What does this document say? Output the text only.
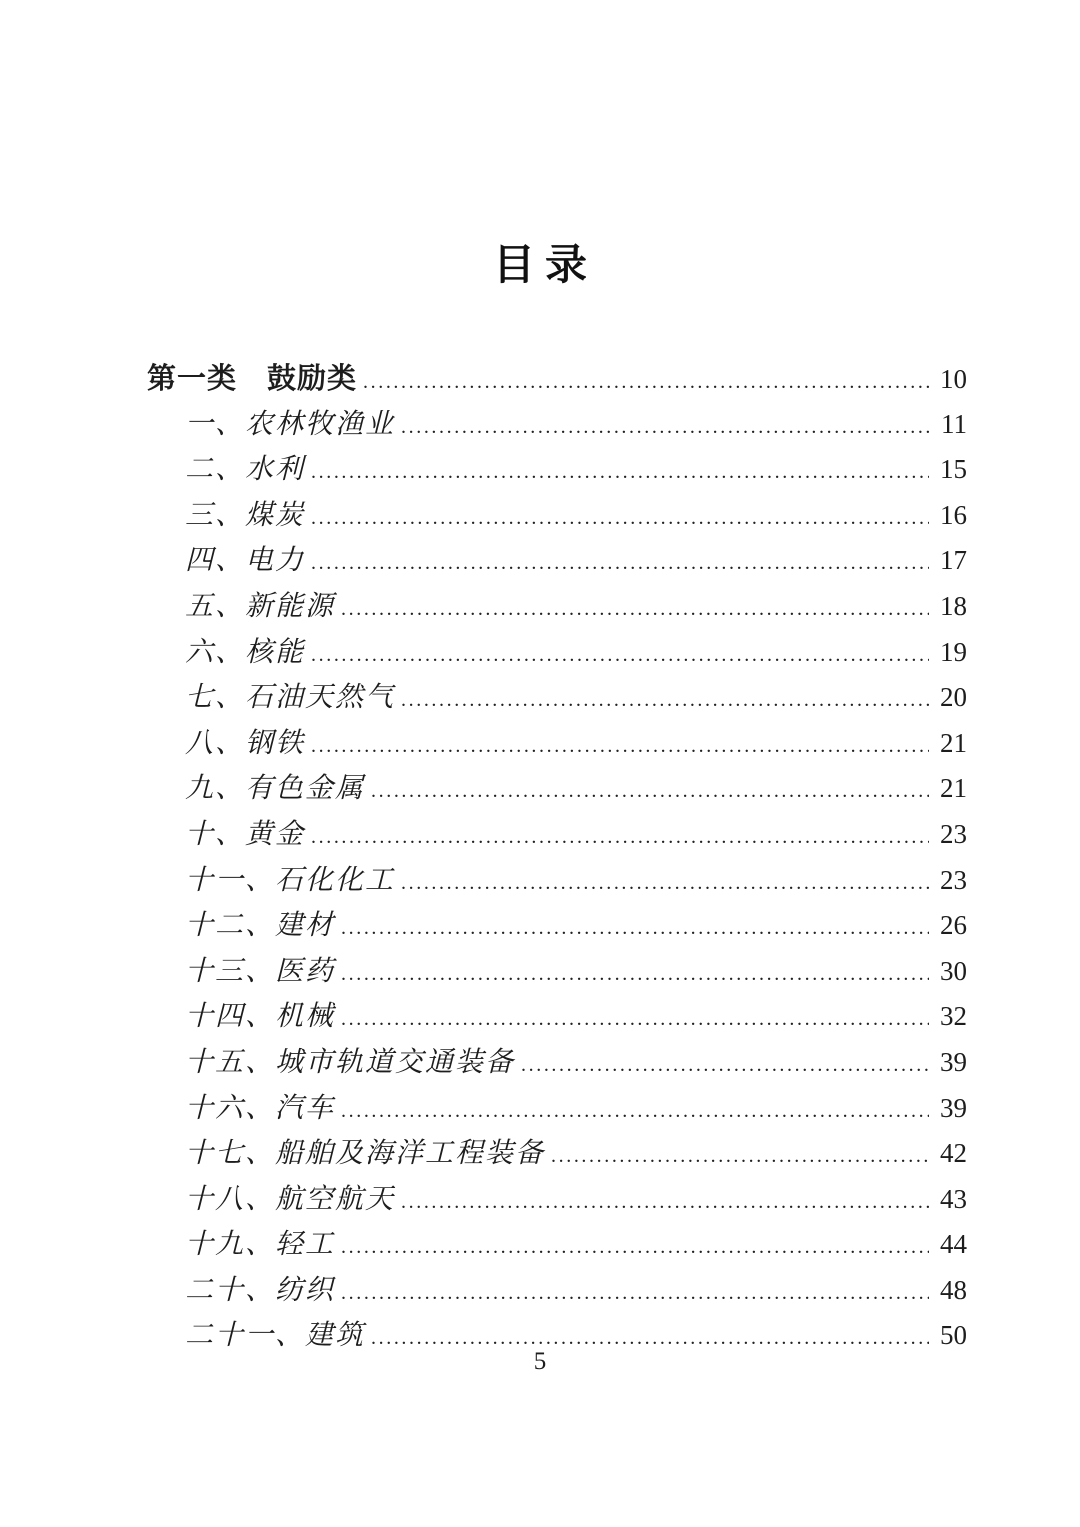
目录
第一类　鼓励类 .....	10
一、农林牧渔业 .....	11
二、水利 .....	15
三、煤炭 .....	16
四、电力 .....	17
五、新能源 .....	18
六、核能 .....	19
七、石油天然气 .....	20
八、钢铁 .....	21
九、有色金属 .....	21
十、黄金 .....	23
十一、石化化工 .....	23
十二、建材 .....	26
十三、医药 .....	30
十四、机械 .....	32
十五、城市轨道交通装备 .....	39
十六、汽车 .....	39
十七、船舶及海洋工程装备 .....	42
十八、航空航天 .....	43
十九、轻工 .....	44
二十、纺织 .....	48
二十一、建筑 .....	50
5
